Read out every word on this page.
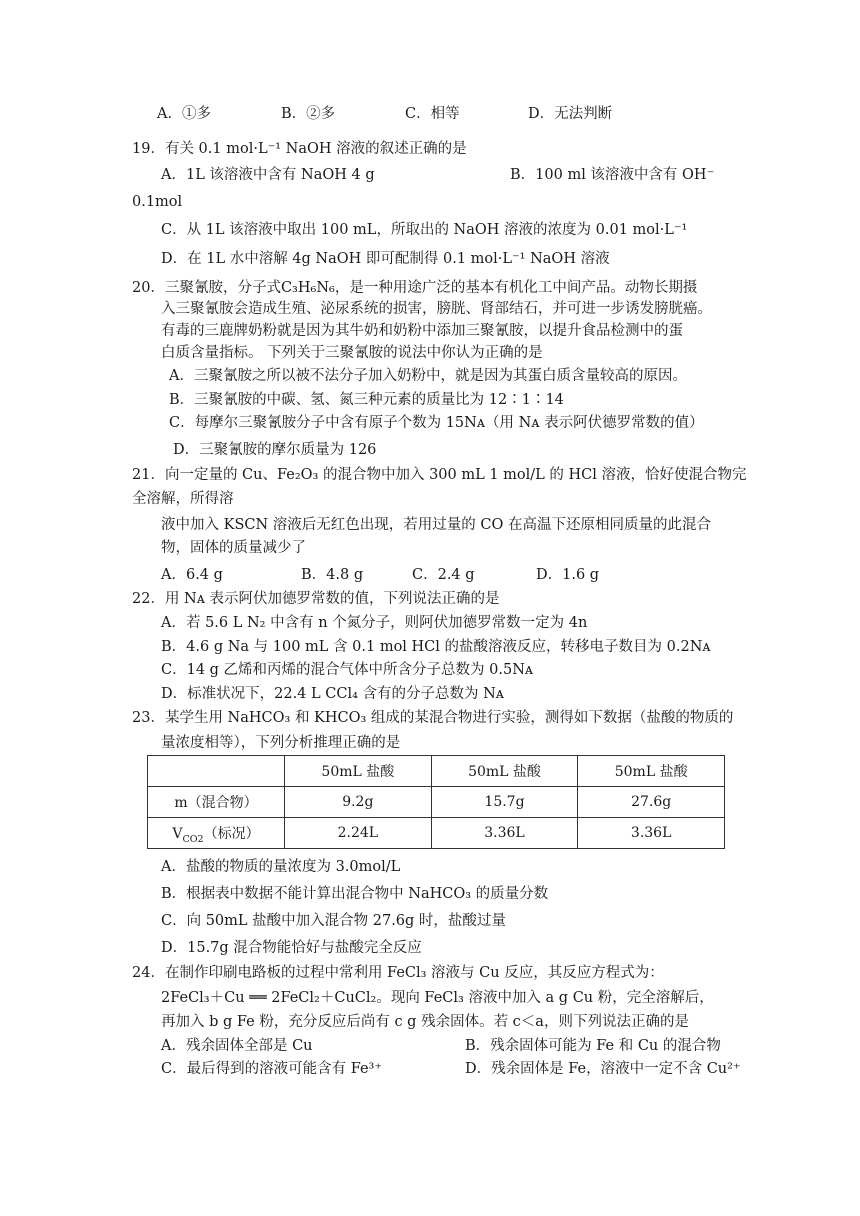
A．①多	B．②多	C．相等	D．无法判断
19．有关 0.1 mol·L⁻¹ NaOH 溶液的叙述正确的是
A．1L 该溶液中含有 NaOH 4 g	B．100 ml 该溶液中含有 OH⁻
0.1mol
C．从 1L 该溶液中取出 100 mL，所取出的 NaOH 溶液的浓度为 0.01 mol·L⁻¹
D．在 1L 水中溶解 4g NaOH 即可配制得 0.1 mol·L⁻¹ NaOH 溶液
20．三聚氰胺，分子式C₃H₆N₆，是一种用途广泛的基本有机化工中间产品。动物长期摄
入三聚氰胺会造成生殖、泌尿系统的损害，膀胱、肾部结石，并可进一步诱发膀胱癌。
有毒的三鹿牌奶粉就是因为其牛奶和奶粉中添加三聚氰胺，以提升食品检测中的蛋
白质含量指标。 下列关于三聚氰胺的说法中你认为正确的是
A．三聚氰胺之所以被不法分子加入奶粉中，就是因为其蛋白质含量较高的原因。
B．三聚氰胺的中碳、氢、氮三种元素的质量比为 12∶1∶14
C．每摩尔三聚氰胺分子中含有原子个数为 15Nᴀ（用 Nᴀ 表示阿伏德罗常数的值）
D．三聚氰胺的摩尔质量为 126
21．向一定量的 Cu、Fe₂O₃ 的混合物中加入 300 mL 1 mol/L 的 HCl 溶液，恰好使混合物完
全溶解，所得溶
液中加入 KSCN 溶液后无红色出现，若用过量的 CO 在高温下还原相同质量的此混合
物，固体的质量减少了
A．6.4 g	B．4.8 g	C．2.4 g	D．1.6 g
22．用 Nᴀ 表示阿伏加德罗常数的值，下列说法正确的是
A．若 5.6 L N₂ 中含有 n 个氮分子，则阿伏加德罗常数一定为 4n
B．4.6 g Na 与 100 mL 含 0.1 mol HCl 的盐酸溶液反应，转移电子数目为 0.2Nᴀ
C．14 g 乙烯和丙烯的混合气体中所含分子总数为 0.5Nᴀ
D．标准状况下，22.4 L CCl₄ 含有的分子总数为 Nᴀ
23．某学生用 NaHCO₃ 和 KHCO₃ 组成的某混合物进行实验，测得如下数据（盐酸的物质的
量浓度相等），下列分析推理正确的是
	50mL 盐酸	50mL 盐酸	50mL 盐酸
m（混合物）	9.2g	15.7g	27.6g
$V_{CO2}$（标况）	2.24L	3.36L	3.36L
A．盐酸的物质的量浓度为 3.0mol/L
B．根据表中数据不能计算出混合物中 NaHCO₃ 的质量分数
C．向 50mL 盐酸中加入混合物 27.6g 时，盐酸过量
D．15.7g 混合物能恰好与盐酸完全反应
24．在制作印刷电路板的过程中常利用 FeCl₃ 溶液与 Cu 反应，其反应方程式为：
2FeCl₃＋Cu ══ 2FeCl₂＋CuCl₂。现向 FeCl₃ 溶液中加入 a g Cu 粉，完全溶解后，
再加入 b g Fe 粉，充分反应后尚有 c g 残余固体。若 c＜a，则下列说法正确的是
A．残余固体全部是 Cu	B．残余固体可能为 Fe 和 Cu 的混合物
C．最后得到的溶液可能含有 Fe³⁺	D．残余固体是 Fe，溶液中一定不含 Cu²⁺
